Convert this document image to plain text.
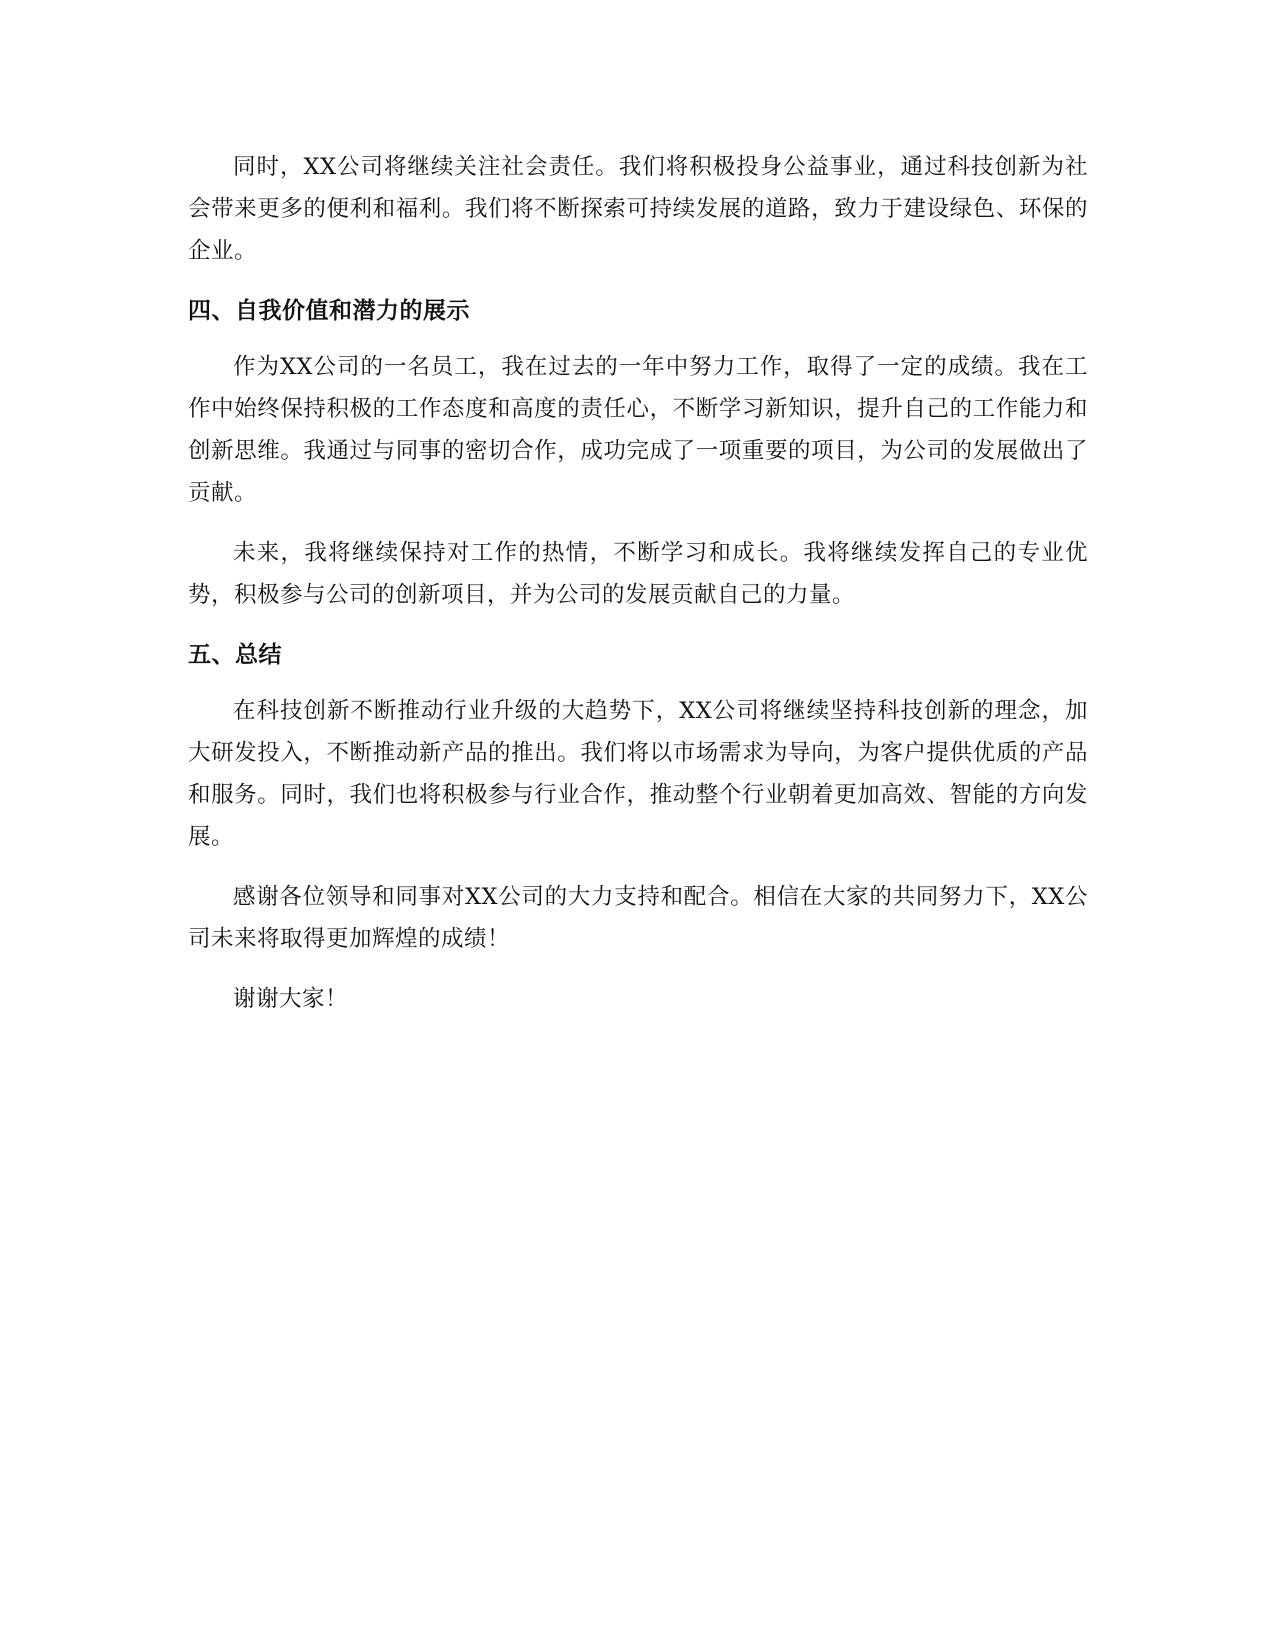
同时，XX公司将继续关注社会责任。我们将积极投身公益事业，通过科技创新为社会带来更多的便利和福利。我们将不断探索可持续发展的道路，致力于建设绿色、环保的企业。

四、自我价值和潜力的展示

作为XX公司的一名员工，我在过去的一年中努力工作，取得了一定的成绩。我在工作中始终保持积极的工作态度和高度的责任心，不断学习新知识，提升自己的工作能力和创新思维。我通过与同事的密切合作，成功完成了一项重要的项目，为公司的发展做出了贡献。

未来，我将继续保持对工作的热情，不断学习和成长。我将继续发挥自己的专业优势，积极参与公司的创新项目，并为公司的发展贡献自己的力量。

五、总结

在科技创新不断推动行业升级的大趋势下，XX公司将继续坚持科技创新的理念，加大研发投入，不断推动新产品的推出。我们将以市场需求为导向，为客户提供优质的产品和服务。同时，我们也将积极参与行业合作，推动整个行业朝着更加高效、智能的方向发展。

感谢各位领导和同事对XX公司的大力支持和配合。相信在大家的共同努力下，XX公司未来将取得更加辉煌的成绩！

谢谢大家！
